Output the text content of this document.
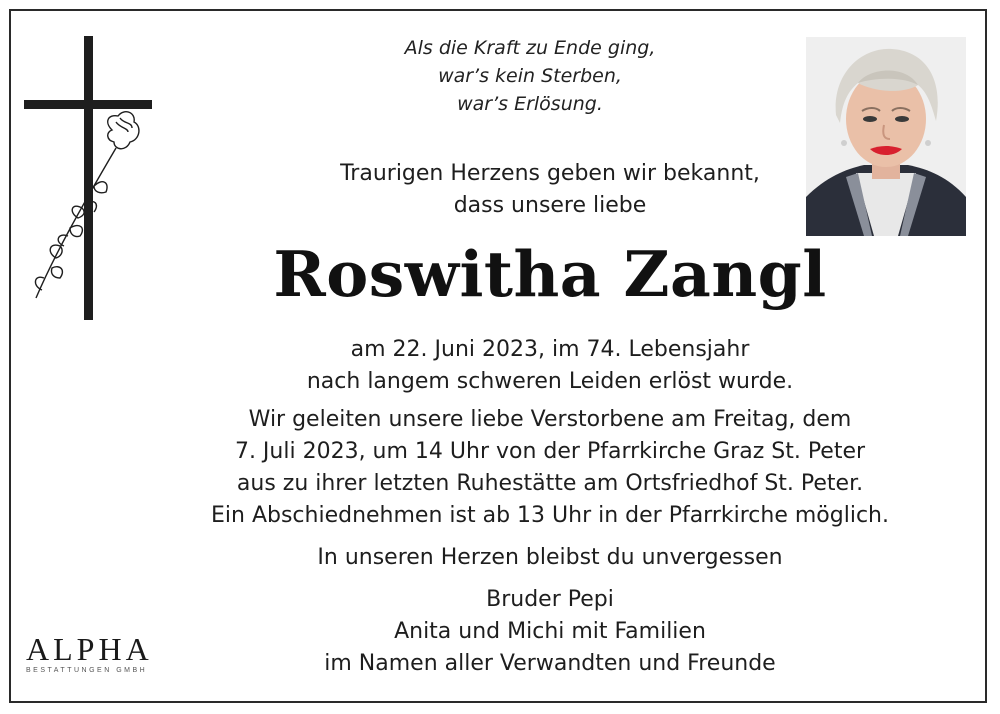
Als die Kraft zu Ende ging,
war’s kein Sterben,
war’s Erlösung.
Traurigen Herzens geben wir bekannt,
dass unsere liebe
Roswitha Zangl
am 22. Juni 2023, im 74. Lebensjahr
nach langem schweren Leiden erlöst wurde.
Wir geleiten unsere liebe Verstorbene am Freitag, dem
7. Juli 2023, um 14 Uhr von der Pfarrkirche Graz St. Peter
aus zu ihrer letzten Ruhestätte am Ortsfriedhof St. Peter.
Ein Abschiednehmen ist ab 13 Uhr in der Pfarrkirche möglich.
In unseren Herzen bleibst du unvergessen
Bruder Pepi
Anita und Michi mit Familien
im Namen aller Verwandten und Freunde
ALPHA
BESTATTUNGEN GMBH
